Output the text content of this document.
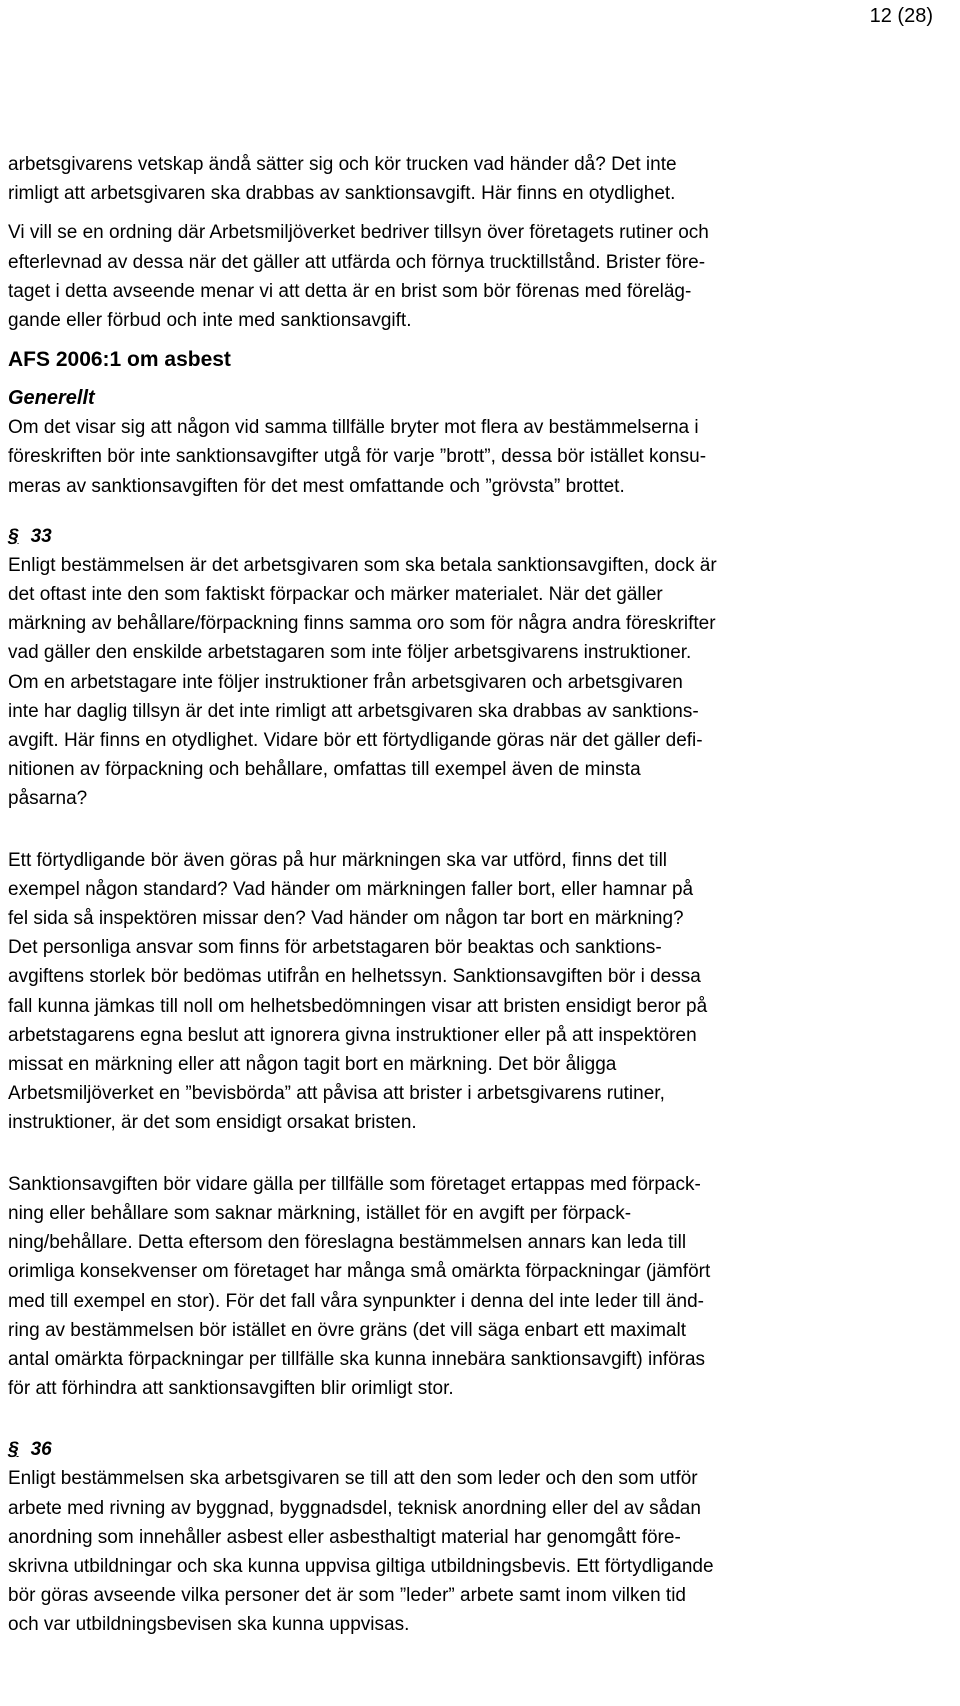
12 (28)

arbetsgivarens vetskap ändå sätter sig och kör trucken vad händer då? Det inte

rimligt att arbetsgivaren ska drabbas av sanktionsavgift. Här finns en otydlighet.

Vi vill se en ordning där Arbetsmiljöverket bedriver tillsyn över företagets rutiner och

efterlevnad av dessa när det gäller att utfärda och förnya trucktillstånd. Brister före-

taget i detta avseende menar vi att detta är en brist som bör förenas med föreläg-

gande eller förbud och inte med sanktionsavgift.

AFS 2006:1 om asbest
Generellt

Om det visar sig att någon vid samma tillfälle bryter mot flera av bestämmelserna i

föreskriften bör inte sanktionsavgifter utgå för varje ”brott”, dessa bör istället konsu-

meras av sanktionsavgiften för det mest omfattande och ”grövsta” brottet.

§ 33

Enligt bestämmelsen är det arbetsgivaren som ska betala sanktionsavgiften, dock är

det oftast inte den som faktiskt förpackar och märker materialet. När det gäller

märkning av behållare/förpackning finns samma oro som för några andra föreskrifter

vad gäller den enskilde arbetstagaren som inte följer arbetsgivarens instruktioner.

Om en arbetstagare inte följer instruktioner från arbetsgivaren och arbetsgivaren

inte har daglig tillsyn är det inte rimligt att arbetsgivaren ska drabbas av sanktions-

avgift. Här finns en otydlighet. Vidare bör ett förtydligande göras när det gäller defi-

nitionen av förpackning och behållare, omfattas till exempel även de minsta

påsarna?

Ett förtydligande bör även göras på hur märkningen ska var utförd, finns det till

exempel någon standard? Vad händer om märkningen faller bort, eller hamnar på

fel sida så inspektören missar den? Vad händer om någon tar bort en märkning?

Det personliga ansvar som finns för arbetstagaren bör beaktas och sanktions-

avgiftens storlek bör bedömas utifrån en helhetssyn. Sanktionsavgiften bör i dessa

fall kunna jämkas till noll om helhetsbedömningen visar att bristen ensidigt beror på

arbetstagarens egna beslut att ignorera givna instruktioner eller på att inspektören

missat en märkning eller att någon tagit bort en märkning. Det bör åligga

Arbetsmiljöverket en ”bevisbörda” att påvisa att brister i arbetsgivarens rutiner,

instruktioner, är det som ensidigt orsakat bristen.

Sanktionsavgiften bör vidare gälla per tillfälle som företaget ertappas med förpack-

ning eller behållare som saknar märkning, istället för en avgift per förpack-

ning/behållare. Detta eftersom den föreslagna bestämmelsen annars kan leda till

orimliga konsekvenser om företaget har många små omärkta förpackningar (jämfört

med till exempel en stor). För det fall våra synpunkter i denna del inte leder till änd-

ring av bestämmelsen bör istället en övre gräns (det vill säga enbart ett maximalt

antal omärkta förpackningar per tillfälle ska kunna innebära sanktionsavgift) införas

för att förhindra att sanktionsavgiften blir orimligt stor.

§ 36

Enligt bestämmelsen ska arbetsgivaren se till att den som leder och den som utför

arbete med rivning av byggnad, byggnadsdel, teknisk anordning eller del av sådan

anordning som innehåller asbest eller asbesthaltigt material har genomgått före-

skrivna utbildningar och ska kunna uppvisa giltiga utbildningsbevis. Ett förtydligande

bör göras avseende vilka personer det är som ”leder” arbete samt inom vilken tid

och var utbildningsbevisen ska kunna uppvisas.
